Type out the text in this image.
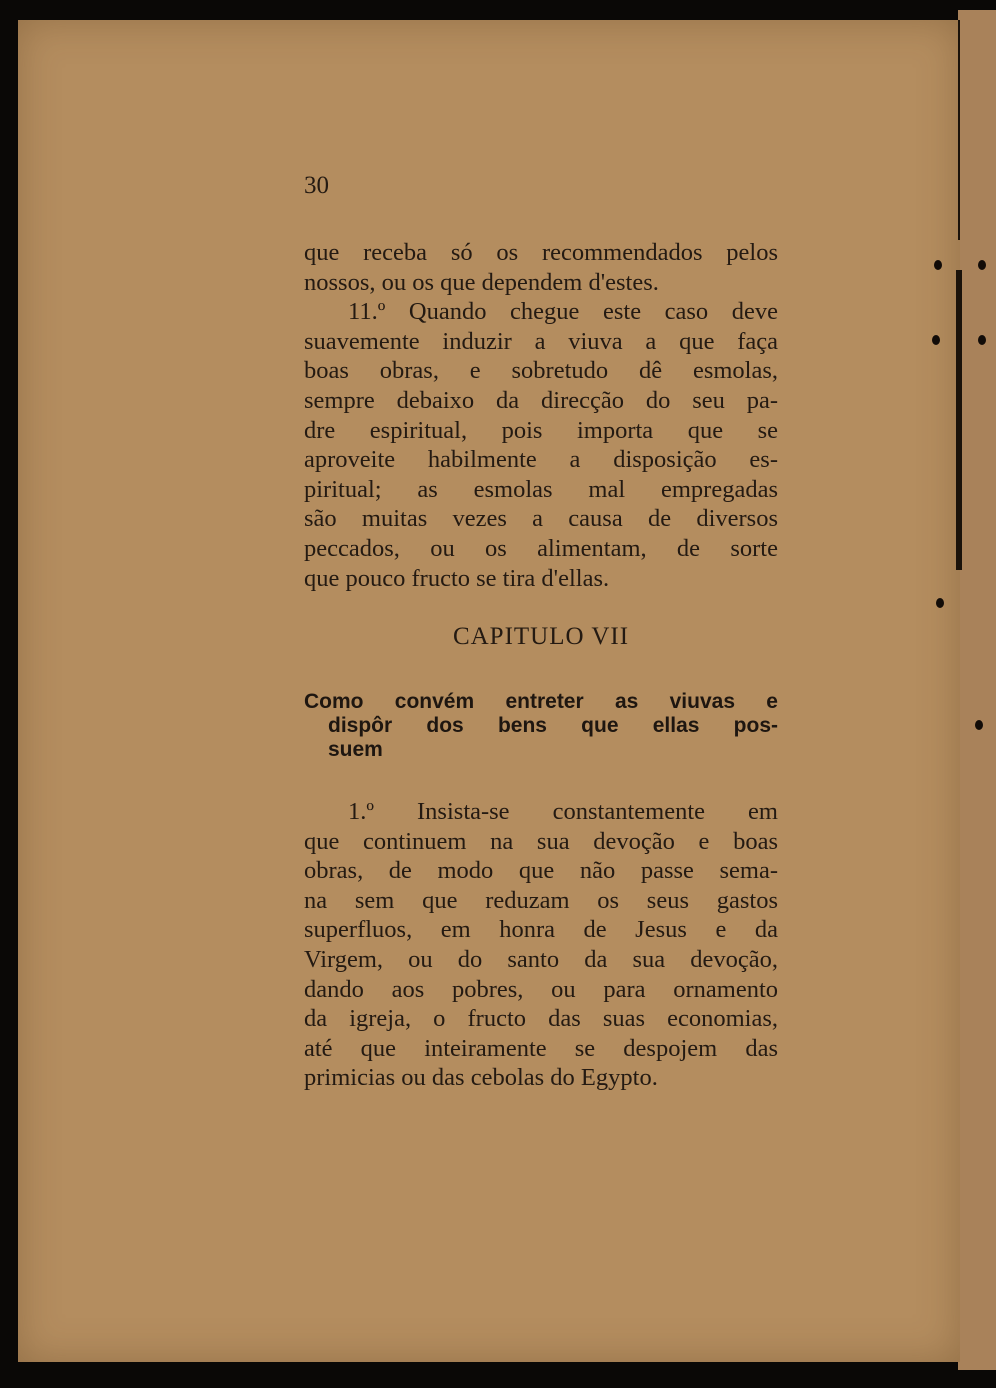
30

que receba só os recommendados pelos
nossos, ou os que dependem d'estes.
11.º Quando chegue este caso deve
suavemente induzir a viuva a que faça
boas obras, e sobretudo dê esmolas,
sempre debaixo da direcção do seu pa-
dre espiritual, pois importa que se
aproveite habilmente a disposição es-
piritual; as esmolas mal empregadas
são muitas vezes a causa de diversos
peccados, ou os alimentam, de sorte
que pouco fructo se tira d'ellas.

CAPITULO VII

Como convém entreter as viuvas e
dispôr dos bens que ellas pos-
suem
1.º Insista-se constantemente em
que continuem na sua devoção e boas
obras, de modo que não passe sema-
na sem que reduzam os seus gastos
superfluos, em honra de Jesus e da
Virgem, ou do santo da sua devoção,
dando aos pobres, ou para ornamento
da igreja, o fructo das suas economias,
até que inteiramente se despojem das
primicias ou das cebolas do Egypto.
